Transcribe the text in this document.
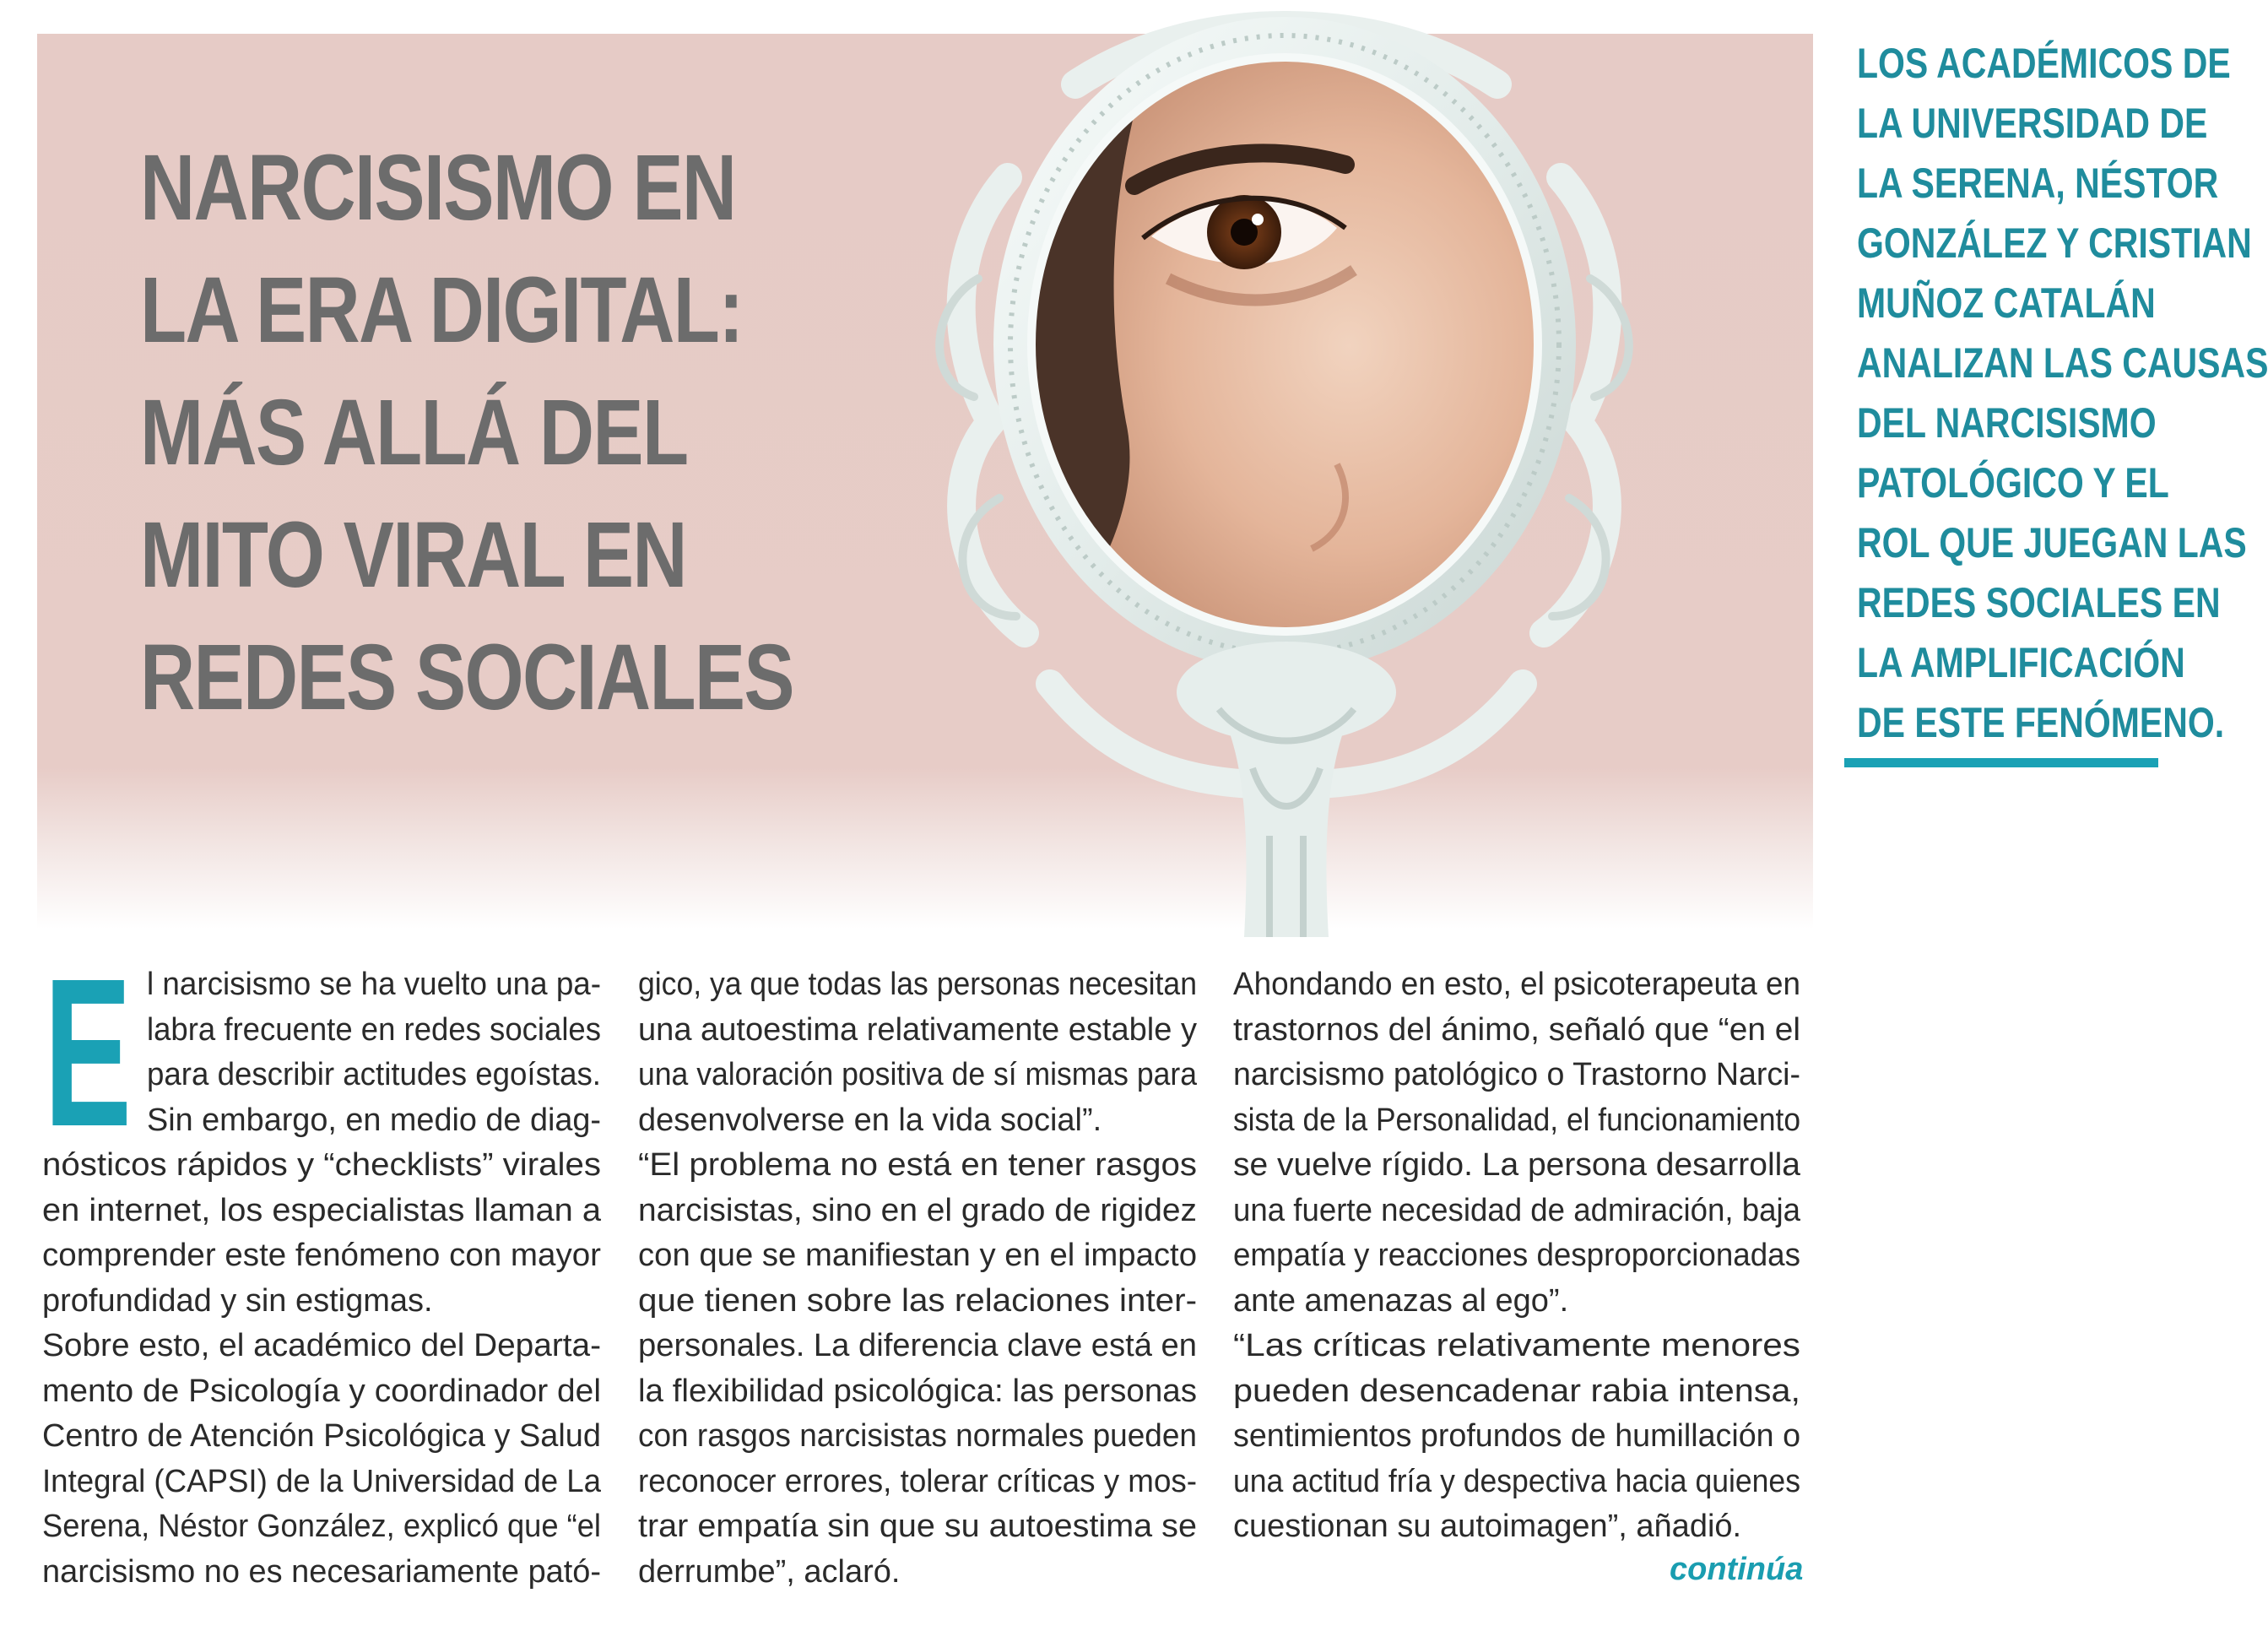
NARCISISMO EN
LA ERA DIGITAL:
MÁS ALLÁ DEL
MITO VIRAL EN
REDES SOCIALES

LOS ACADÉMICOS DE
LA UNIVERSIDAD DE
LA SERENA, NÉSTOR
GONZÁLEZ Y CRISTIAN
MUÑOZ CATALÁN
ANALIZAN LAS CAUSAS
DEL NARCISISMO
PATOLÓGICO Y EL
ROL QUE JUEGAN LAS
REDES SOCIALES EN
LA AMPLIFICACIÓN
DE ESTE FENÓMENO.

E l narcisismo se ha vuelto una pa-
labra frecuente en redes sociales
para describir actitudes egoístas.
Sin embargo, en medio de diag-
nósticos rápidos y “checklists” virales
en internet, los especialistas llaman a
comprender este fenómeno con mayor
profundidad y sin estigmas.
Sobre esto, el académico del Departa-
mento de Psicología y coordinador del
Centro de Atención Psicológica y Salud
Integral (CAPSI) de la Universidad de La
Serena, Néstor González, explicó que “el
narcisismo no es necesariamente pató-
gico, ya que todas las personas necesitan
una autoestima relativamente estable y
una valoración positiva de sí mismas para
desenvolverse en la vida social”.
“El problema no está en tener rasgos
narcisistas, sino en el grado de rigidez
con que se manifiestan y en el impacto
que tienen sobre las relaciones inter-
personales. La diferencia clave está en
la flexibilidad psicológica: las personas
con rasgos narcisistas normales pueden
reconocer errores, tolerar críticas y mos-
trar empatía sin que su autoestima se
derrumbe”, aclaró.
Ahondando en esto, el psicoterapeuta en
trastornos del ánimo, señaló que “en el
narcisismo patológico o Trastorno Narci-
sista de la Personalidad, el funcionamiento
se vuelve rígido. La persona desarrolla
una fuerte necesidad de admiración, baja
empatía y reacciones desproporcionadas
ante amenazas al ego”.
“Las críticas relativamente menores
pueden desencadenar rabia intensa,
sentimientos profundos de humillación o
una actitud fría y despectiva hacia quienes
cuestionan su autoimagen”, añadió.
continúa
